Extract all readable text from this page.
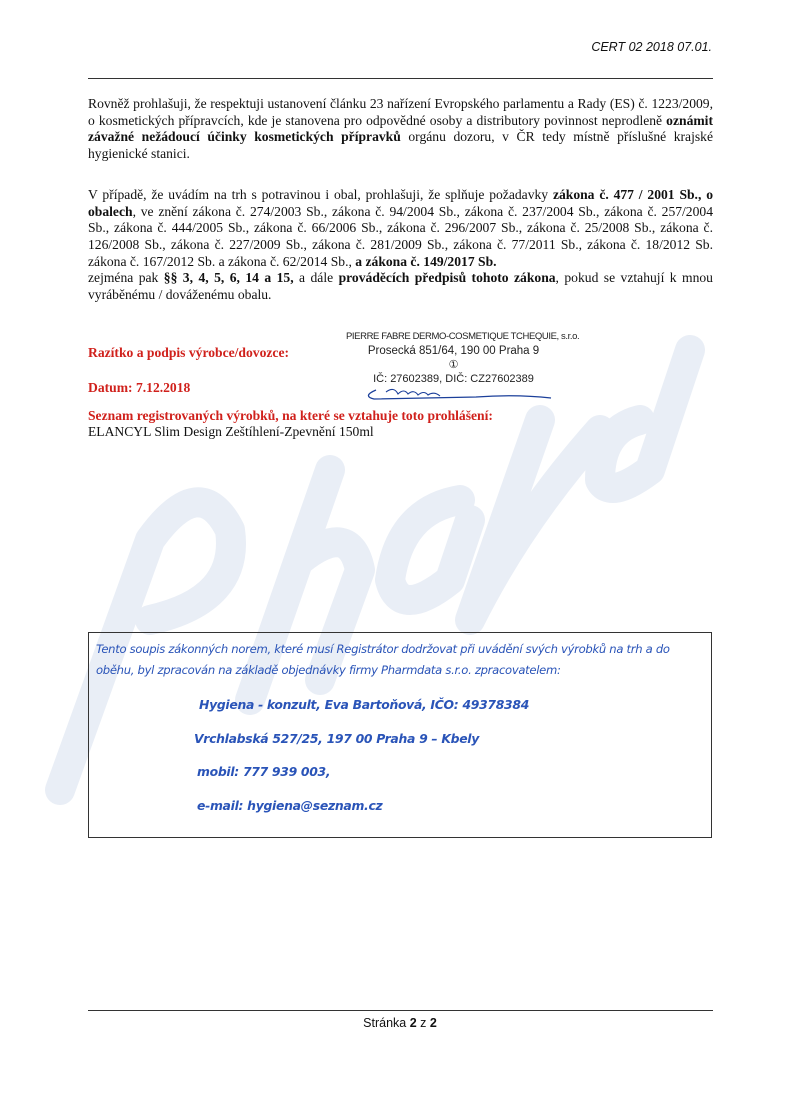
CERT 02 2018 07.01.

Rovněž prohlašuji, že respektuji ustanovení článku 23 nařízení Evropského parlamentu a Rady (ES) č. 1223/2009, o kosmetických přípravcích, kde je stanovena pro odpovědné osoby a distributory povinnost neprodleně oznámit závažné nežádoucí účinky kosmetických přípravků orgánu dozoru, v ČR tedy místně příslušné krajské hygienické stanici.

V případě, že uvádím na trh s potravinou i obal, prohlašuji, že splňuje požadavky zákona č. 477 / 2001 Sb., o obalech, ve znění zákona č. 274/2003 Sb., zákona č. 94/2004 Sb., zákona č. 237/2004 Sb., zákona č. 257/2004 Sb., zákona č. 444/2005 Sb., zákona č. 66/2006 Sb., zákona č. 296/2007 Sb., zákona č. 25/2008 Sb., zákona č. 126/2008 Sb., zákona č. 227/2009 Sb., zákona č. 281/2009 Sb., zákona č. 77/2011 Sb., zákona č. 18/2012 Sb. zákona č. 167/2012 Sb. a zákona č. 62/2014 Sb., a zákona č. 149/2017 Sb.
zejména pak §§ 3, 4, 5, 6, 14 a 15, a dále prováděcích předpisů tohoto zákona, pokud se vztahují k mnou vyráběnému / dováženému obalu.

Razítko a podpis výrobce/dovozce:
Datum: 7.12.2018
PIERRE FABRE DERMO-COSMETIQUE TCHEQUIE, s.r.o.
Prosecká 851/64, 190 00 Praha 9
①
IČ: 27602389, DIČ: CZ27602389
Seznam registrovaných výrobků, na které se vztahuje toto prohlášení:
ELANCYL Slim Design Zeštíhlení-Zpevnění 150ml
Tento soupis zákonných norem, které musí Registrátor dodržovat při uvádění svých výrobků na trh a do oběhu, byl zpracován na základě objednávky firmy Pharmdata s.r.o. zpracovatelem:
Hygiena - konzult, Eva Bartoňová, IČO: 49378384
Vrchlabská 527/25, 197 00 Praha 9 – Kbely
mobil: 777 939 003,
e-mail: hygiena@seznam.cz
Stránka 2 z 2
